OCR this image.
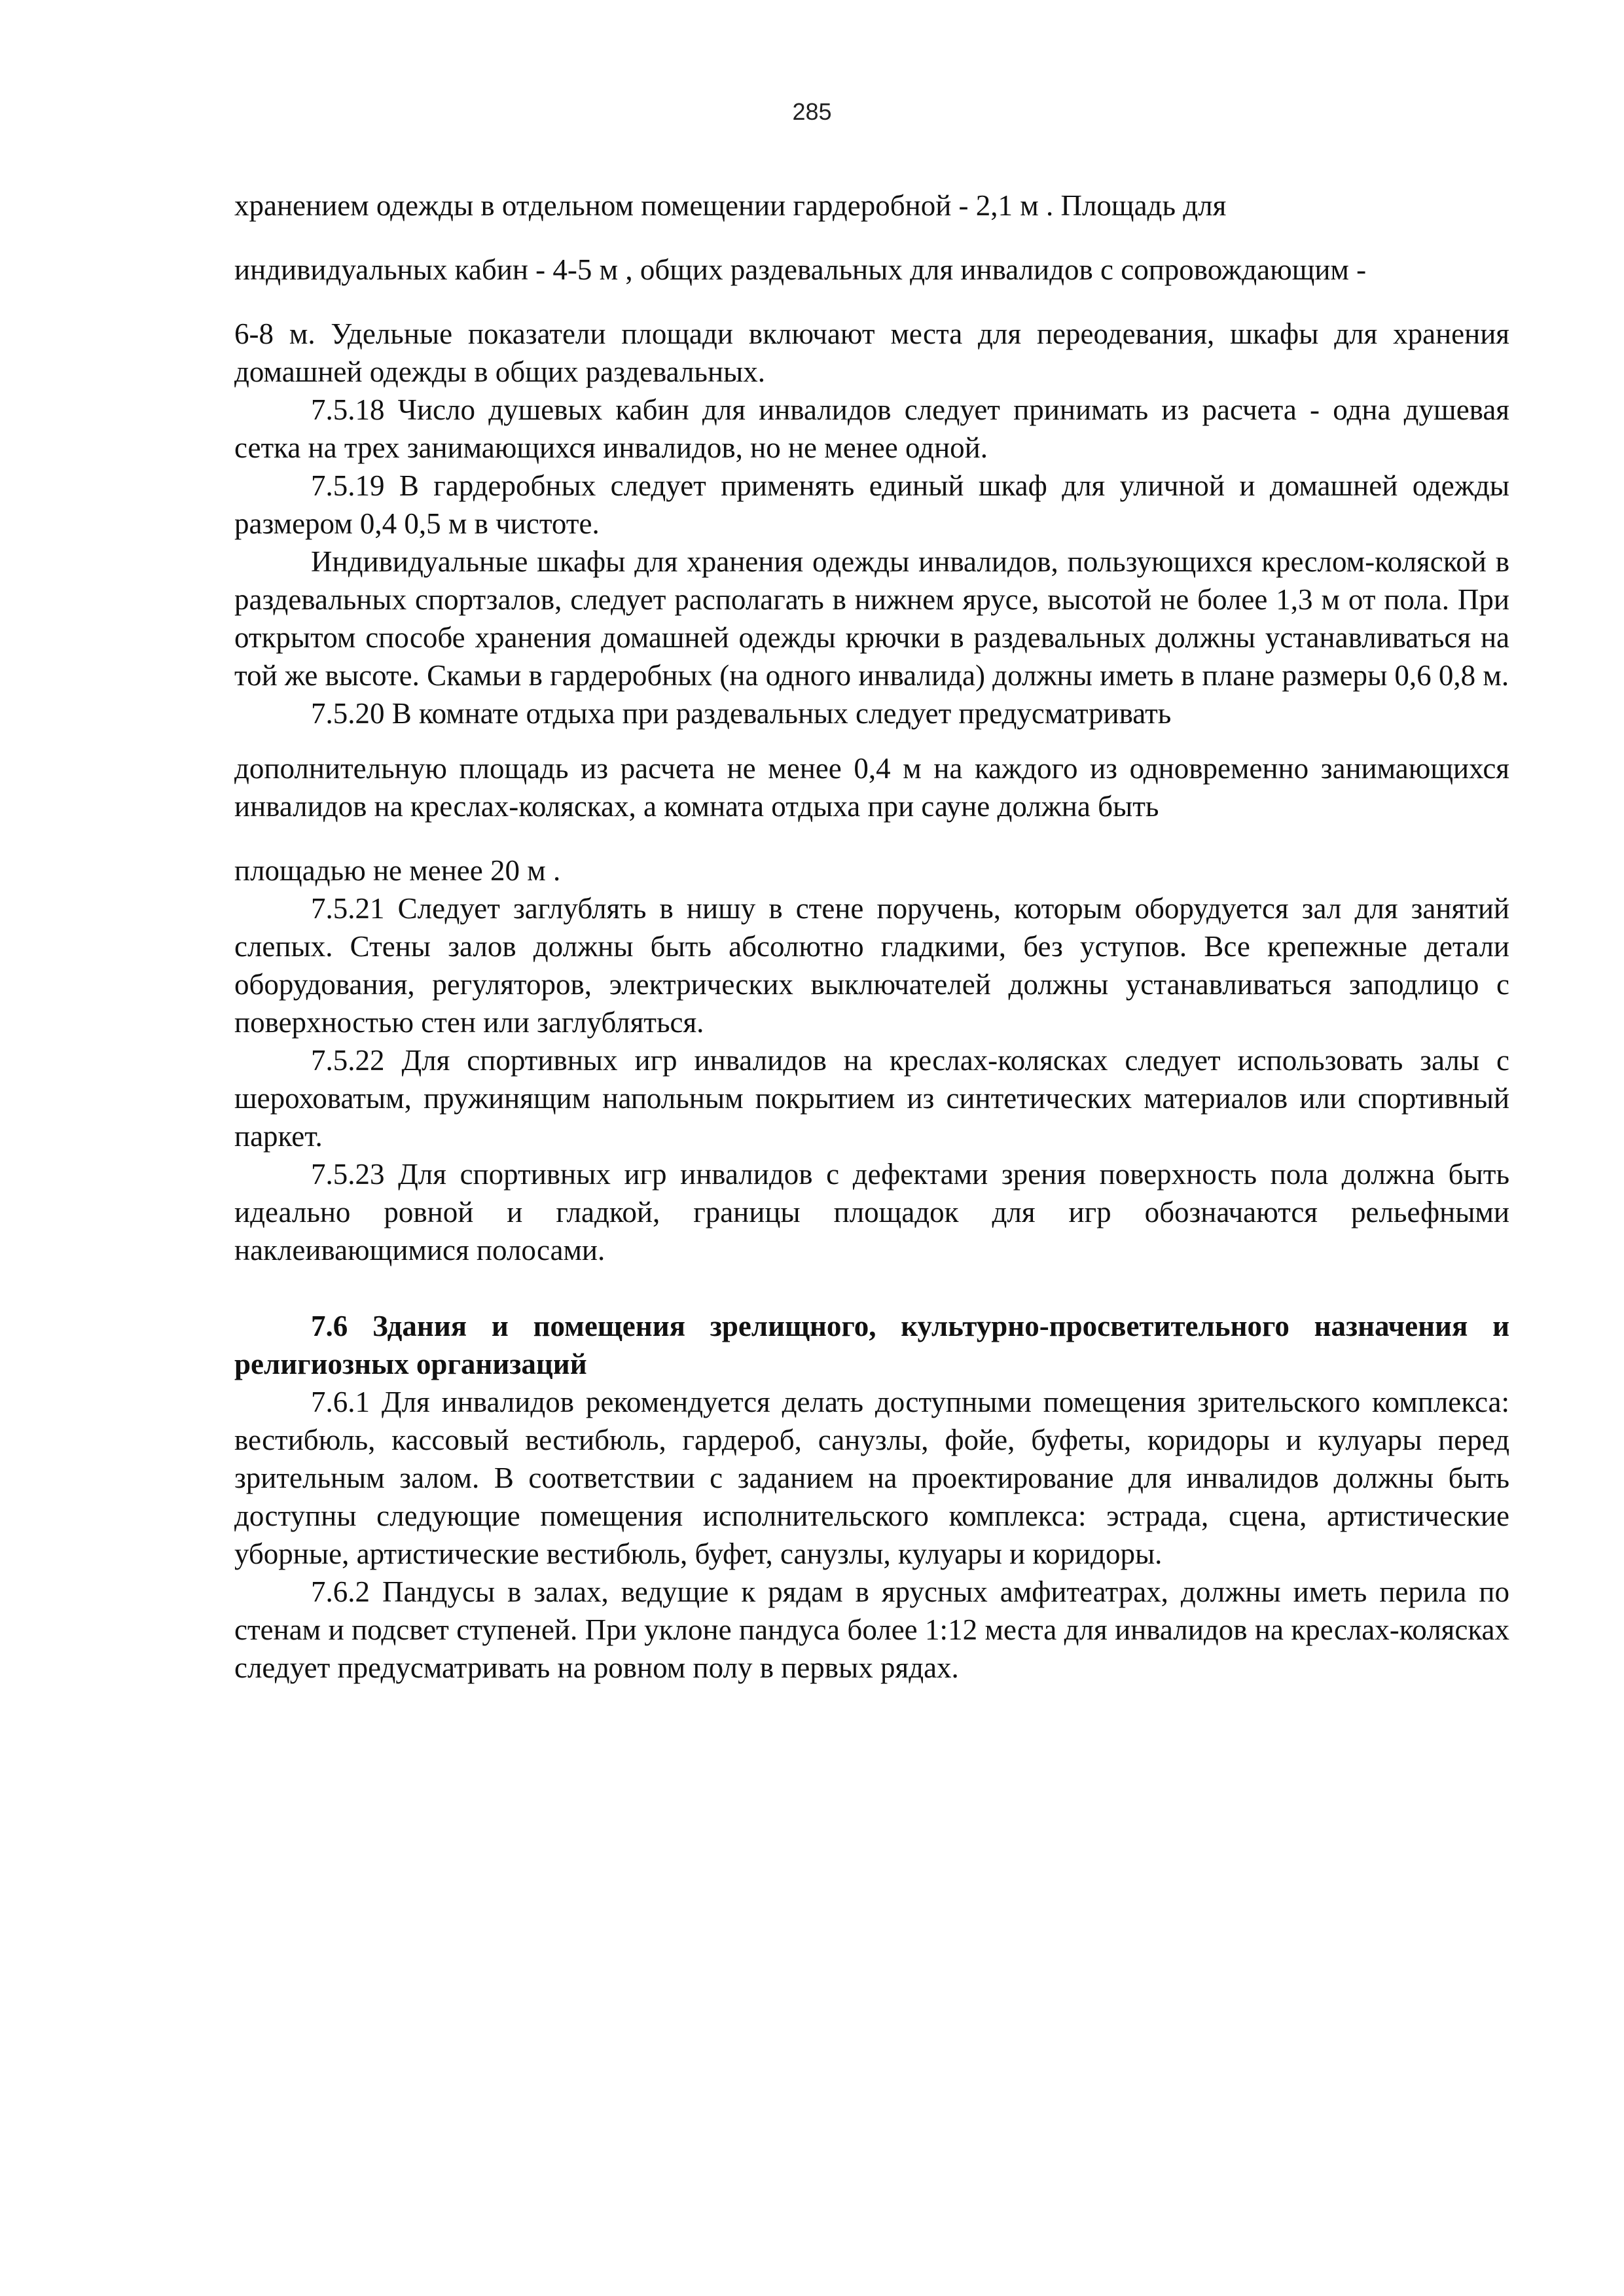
285

хранением одежды в отдельном помещении гардеробной - 2,1 м . Площадь для

индивидуальных кабин - 4-5 м , общих раздевальных для инвалидов с сопровождающим -

6-8 м. Удельные показатели площади включают места для переодевания, шкафы для хранения домашней одежды в общих раздевальных.

7.5.18 Число душевых кабин для инвалидов следует принимать из расчета - одна душевая сетка на трех занимающихся инвалидов, но не менее одной.

7.5.19 В гардеробных следует применять единый шкаф для уличной и домашней одежды размером 0,4 0,5 м в чистоте.

Индивидуальные шкафы для хранения одежды инвалидов, пользующихся креслом-коляской в раздевальных спортзалов, следует располагать в нижнем ярусе, высотой не более 1,3 м от пола. При открытом способе хранения домашней одежды крючки в раздевальных должны устанавливаться на той же высоте. Скамьи в гардеробных (на одного инвалида) должны иметь в плане размеры 0,6 0,8 м.

7.5.20 В комнате отдыха при раздевальных следует предусматривать

дополнительную площадь из расчета не менее 0,4 м на каждого из одновременно занимающихся инвалидов на креслах-колясках, а комната отдыха при сауне должна быть

площадью не менее 20 м .

7.5.21 Следует заглублять в нишу в стене поручень, которым оборудуется зал для занятий слепых. Стены залов должны быть абсолютно гладкими, без уступов. Все крепежные детали оборудования, регуляторов, электрических выключателей должны устанавливаться заподлицо с поверхностью стен или заглубляться.

7.5.22 Для спортивных игр инвалидов на креслах-колясках следует использовать залы с шероховатым, пружинящим напольным покрытием из синтетических материалов или спортивный паркет.

7.5.23 Для спортивных игр инвалидов с дефектами зрения поверхность пола должна быть идеально ровной и гладкой, границы площадок для игр обозначаются рельефными наклеивающимися полосами.

7.6 Здания и помещения зрелищного, культурно-просветительного назначения и религиозных организаций

7.6.1 Для инвалидов рекомендуется делать доступными помещения зрительского комплекса: вестибюль, кассовый вестибюль, гардероб, санузлы, фойе, буфеты, коридоры и кулуары перед зрительным залом. В соответствии с заданием на проектирование для инвалидов должны быть доступны следующие помещения исполнительского комплекса: эстрада, сцена, артистические уборные, артистические вестибюль, буфет, санузлы, кулуары и коридоры.

7.6.2 Пандусы в залах, ведущие к рядам в ярусных амфитеатрах, должны иметь перила по стенам и подсвет ступеней. При уклоне пандуса более 1:12 места для инвалидов на креслах-колясках следует предусматривать на ровном полу в первых рядах.
